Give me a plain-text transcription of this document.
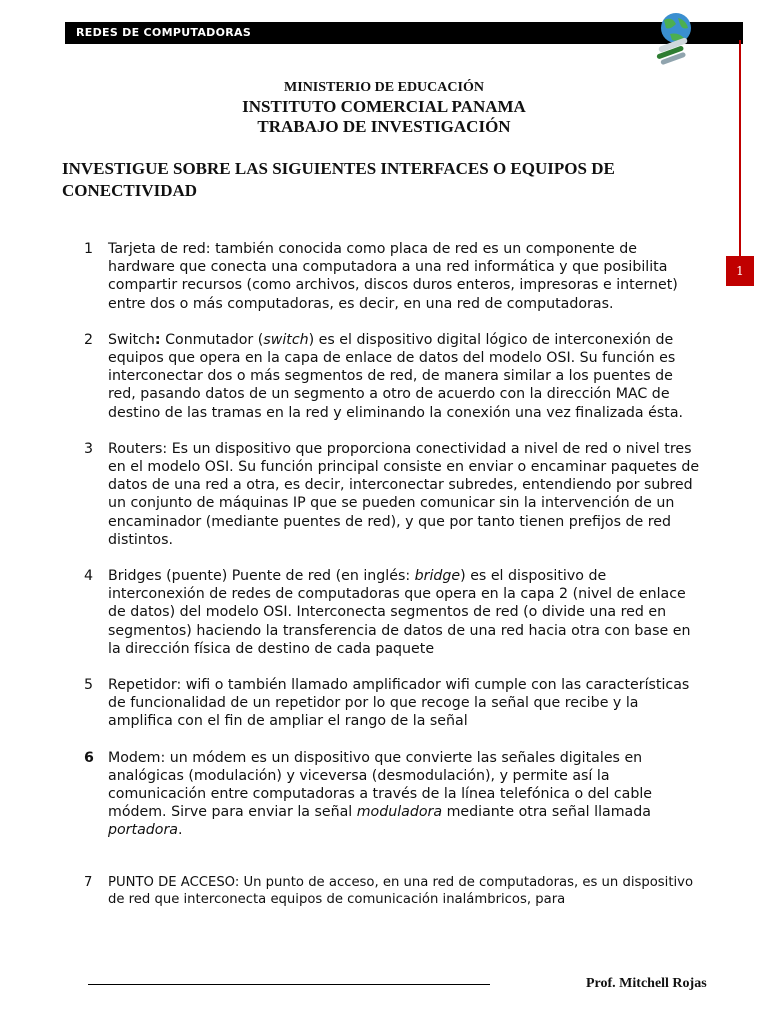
REDES DE COMPUTADORAS
1
MINISTERIO DE EDUCACIÓN
INSTITUTO COMERCIAL PANAMA
TRABAJO DE INVESTIGACIÓN
INVESTIGUE SOBRE LAS SIGUIENTES INTERFACES O EQUIPOS DE
CONECTIVIDAD
1 Tarjeta de red: también conocida como placa de red es un componente de hardware que conecta una computadora a una red informática y que posibilita compartir recursos (como archivos, discos duros enteros, impresoras e internet) entre dos o más computadoras, es decir, en una red de computadoras.
2 Switch: Conmutador (switch) es el dispositivo digital lógico de interconexión de equipos que opera en la capa de enlace de datos del modelo OSI. Su función es interconectar dos o más segmentos de red, de manera similar a los puentes de red, pasando datos de un segmento a otro de acuerdo con la dirección MAC de destino de las tramas en la red y eliminando la conexión una vez finalizada ésta.
3 Routers: Es un dispositivo que proporciona conectividad a nivel de red o nivel tres en el modelo OSI. Su función principal consiste en enviar o encaminar paquetes de datos de una red a otra, es decir, interconectar subredes, entendiendo por subred un conjunto de máquinas IP que se pueden comunicar sin la intervención de un encaminador (mediante puentes de red), y que por tanto tienen prefijos de red distintos.
4 Bridges (puente) Puente de red (en inglés: bridge) es el dispositivo de interconexión de redes de computadoras que opera en la capa 2 (nivel de enlace de datos) del modelo OSI. Interconecta segmentos de red (o divide una red en segmentos) haciendo la transferencia de datos de una red hacia otra con base en la dirección física de destino de cada paquete
5 Repetidor: wifi o también llamado amplificador wifi cumple con las características de funcionalidad de un repetidor por lo que recoge la señal que recibe y la amplifica con el fin de ampliar el rango de la señal
6 Modem: un módem es un dispositivo que convierte las señales digitales en analógicas (modulación) y viceversa (desmodulación), y permite así la comunicación entre computadoras a través de la línea telefónica o del cable módem. Sirve para enviar la señal moduladora mediante otra señal llamada portadora.
7 PUNTO DE ACCESO: Un punto de acceso, en una red de computadoras, es un dispositivo de red que interconecta equipos de comunicación inalámbricos, para
Prof. Mitchell Rojas
